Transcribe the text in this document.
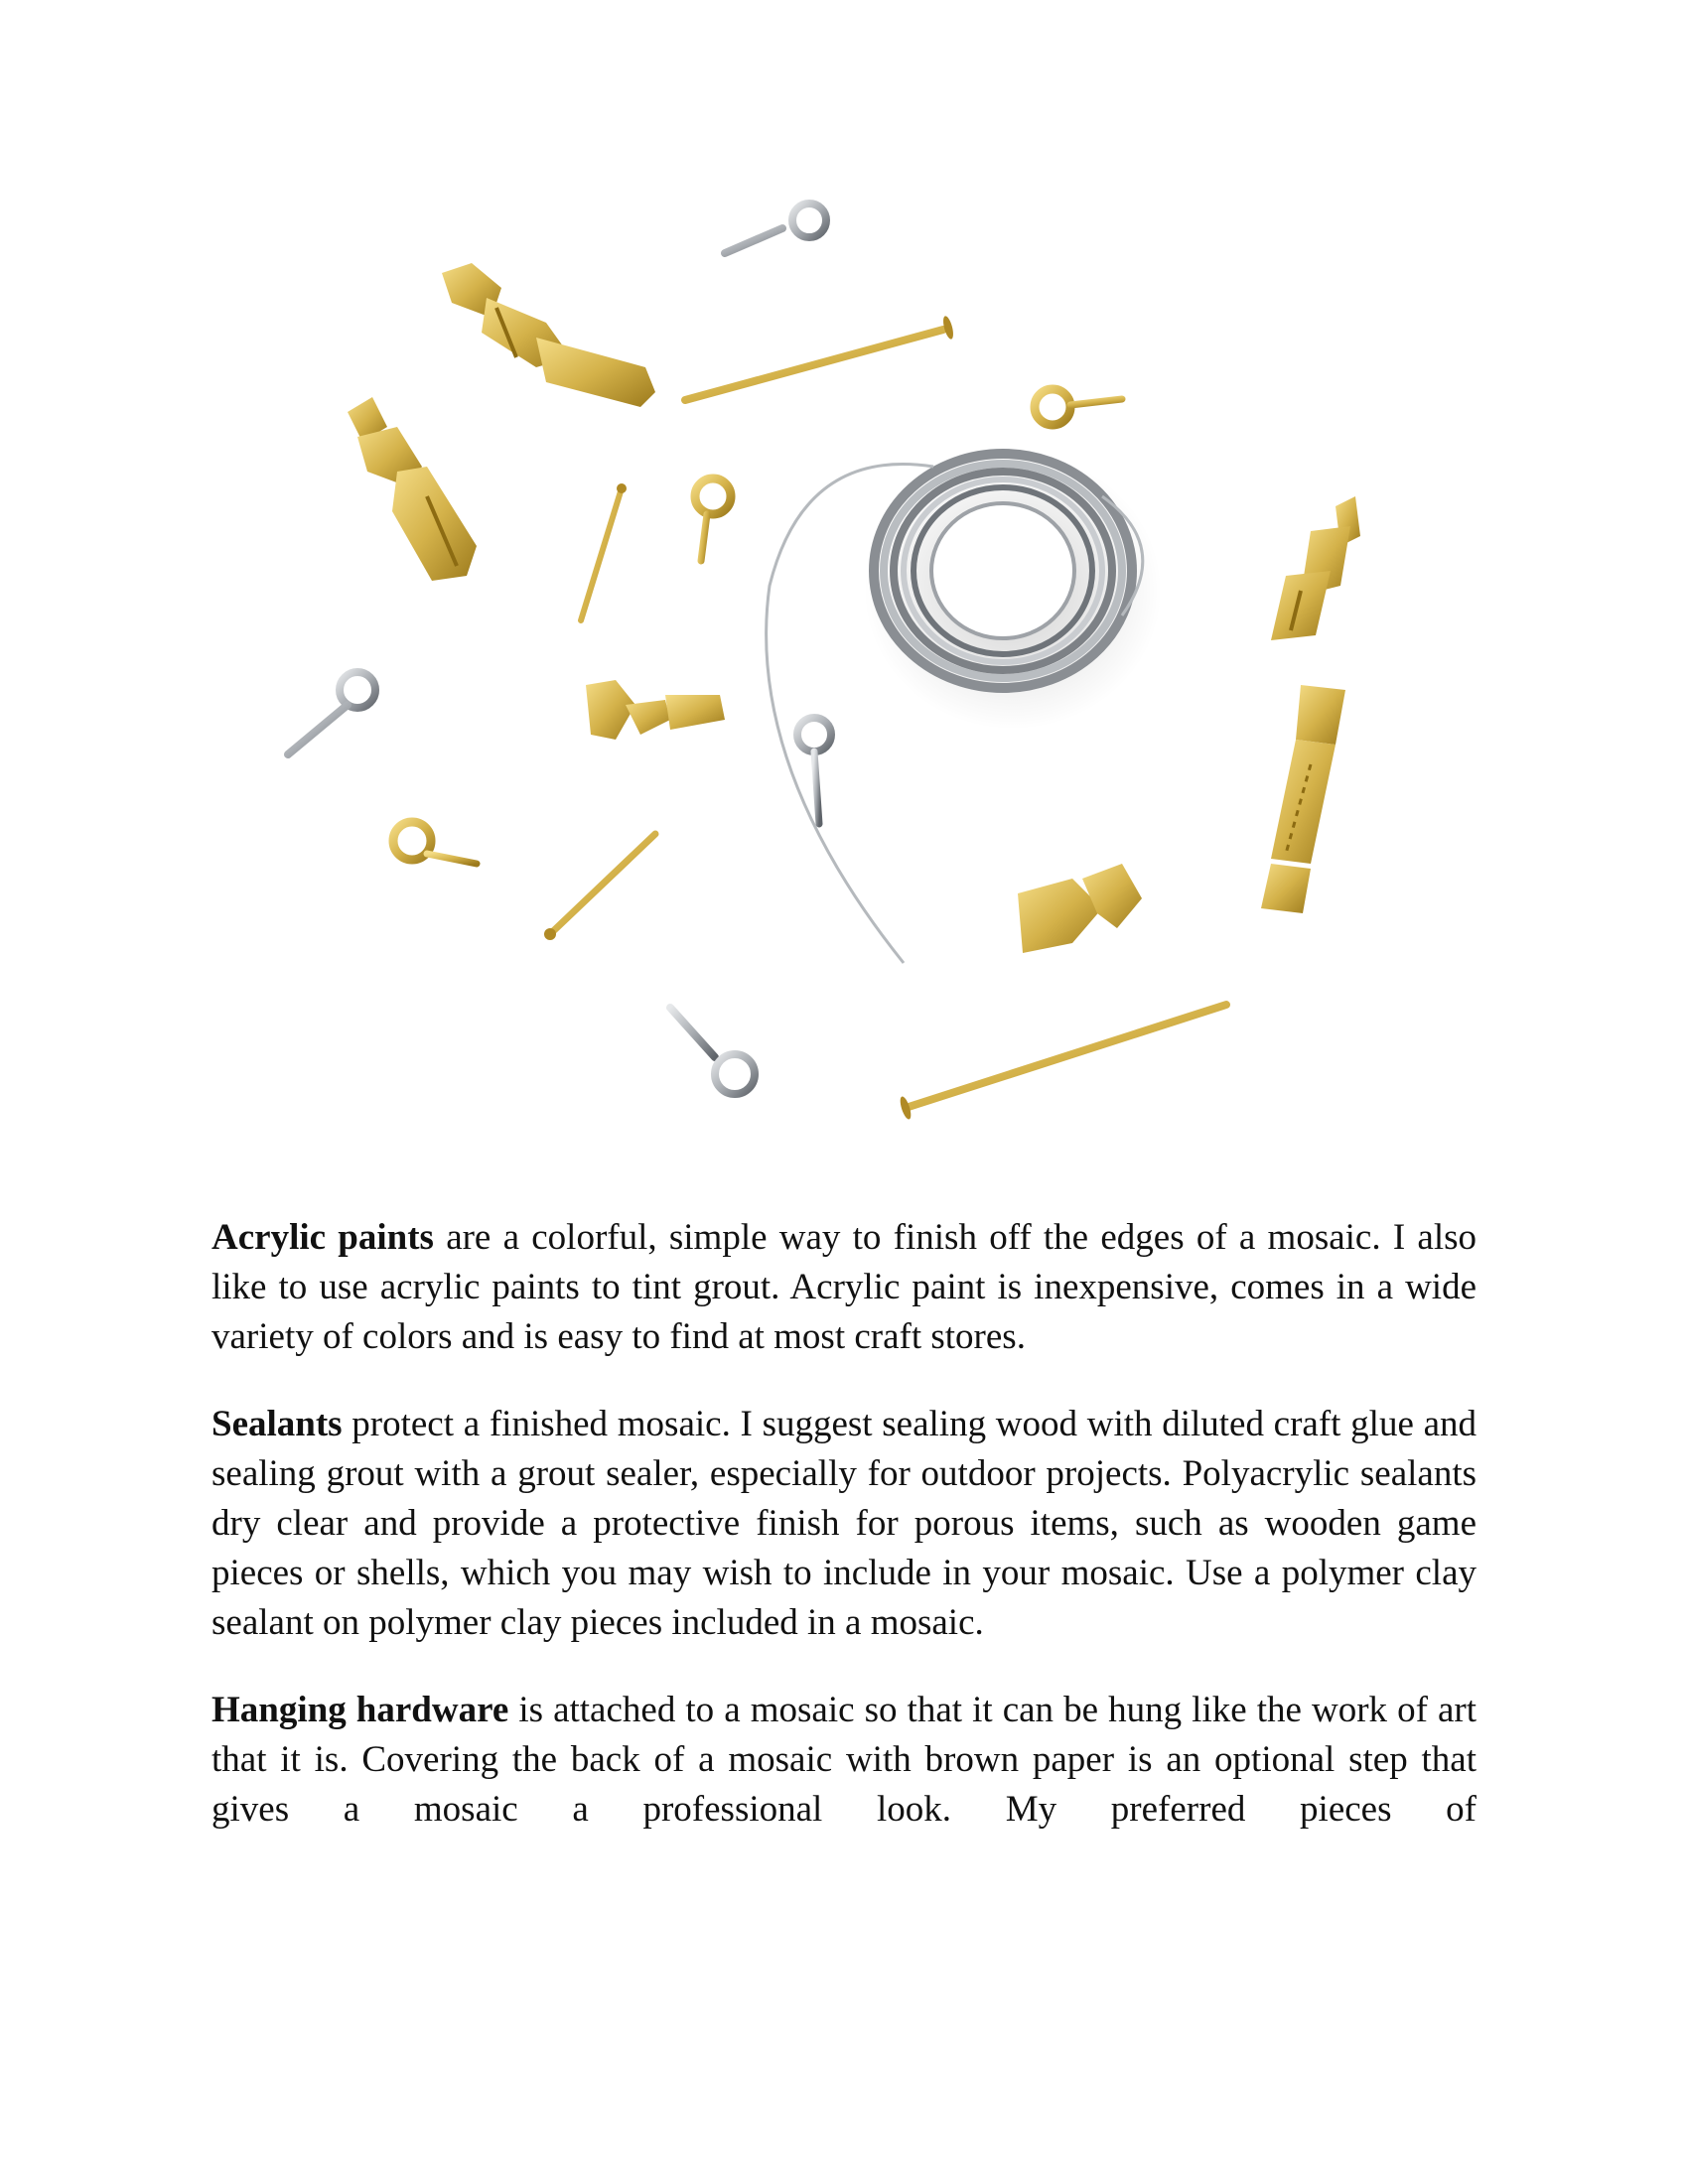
Acrylic paints are a colorful, simple way to finish off the edges of a mosaic. I also like to use acrylic paints to tint grout. Acrylic paint is inexpensive, comes in a wide variety of colors and is easy to find at most craft stores.

Sealants protect a finished mosaic. I suggest sealing wood with diluted craft glue and sealing grout with a grout sealer, especially for outdoor projects. Polyacrylic sealants dry clear and provide a protective finish for porous items, such as wooden game pieces or shells, which you may wish to include in your mosaic. Use a polymer clay sealant on polymer clay pieces included in a mosaic.

Hanging hardware is attached to a mosaic so that it can be hung like the work of art that it is. Covering the back of a mosaic with brown paper is an optional step that gives a mosaic a professional look. My preferred pieces of
